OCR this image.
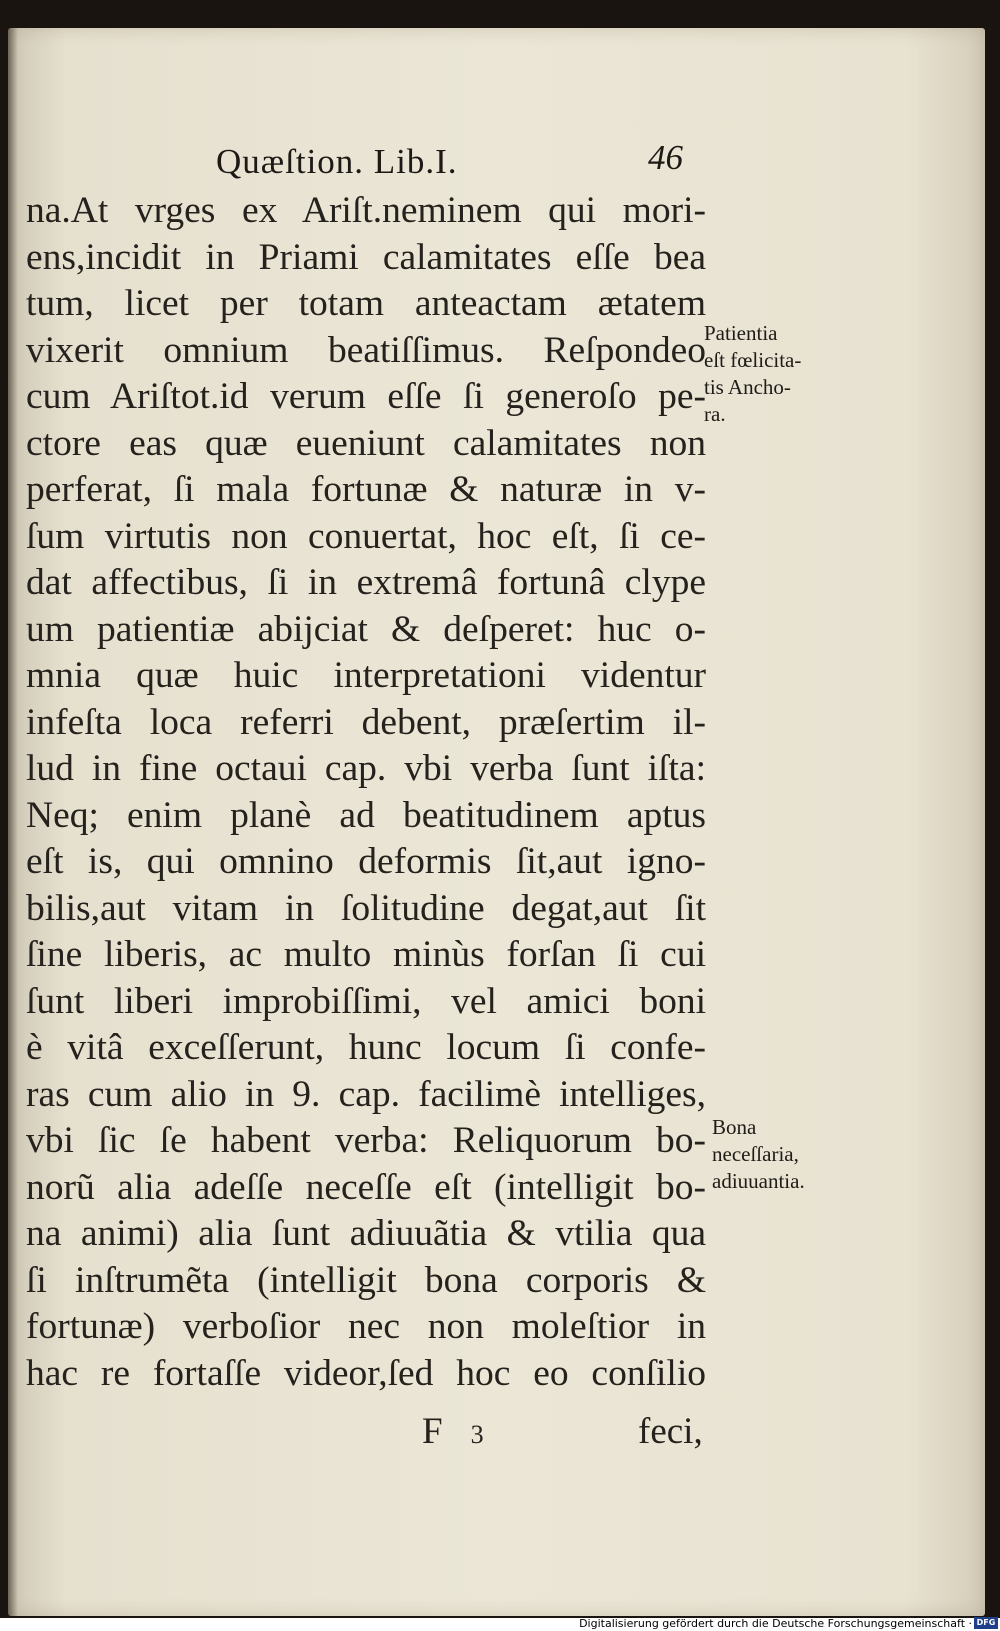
Quæſtion. Lib.I.	46
na.At vrges ex Ariſt.neminem qui mori-
ens,incidit in Priami calamitates eſſe bea
tum, licet per totam anteactam ætatem
vixerit omnium beatiſſimus. Reſpondeo
cum Ariſtot.id verum eſſe ſi generoſo pe-
ctore eas quæ eueniunt calamitates non
perferat, ſi mala fortunæ & naturæ in v-
ſum virtutis non conuertat, hoc eſt, ſi ce-
dat affectibus, ſi in extremâ fortunâ clype
um patientiæ abijciat & deſperet: huc o-
mnia quæ huic interpretationi videntur
infeſta loca referri debent, præſertim il-
lud in fine octaui cap. vbi verba ſunt iſta:
Neq; enim planè ad beatitudinem aptus
eſt is, qui omnino deformis ſit,aut igno-
bilis,aut vitam in ſolitudine degat,aut ſit
ſine liberis, ac multo minùs forſan ſi cui
ſunt liberi improbiſſimi, vel amici boni
è vitâ exceſſerunt, hunc locum ſi confe-
ras cum alio in 9. cap. facilimè intelliges,
vbi ſic ſe habent verba: Reliquorum bo-
norũ alia adeſſe neceſſe eſt (intelligit bo-
na animi) alia ſunt adiuuãtia & vtilia qua
ſi inſtrumẽta (intelligit bona corporis &
fortunæ) verboſior nec non moleſtior in
hac re fortaſſe videor,ſed hoc eo conſilio
Patientia
eſt fœlicita-
tis Ancho-
ra.
Bona
neceſſaria,
adiuuantia.
F 3	feci,
Digitalisierung gefördert durch die Deutsche Forschungsgemeinschaft · DFG
